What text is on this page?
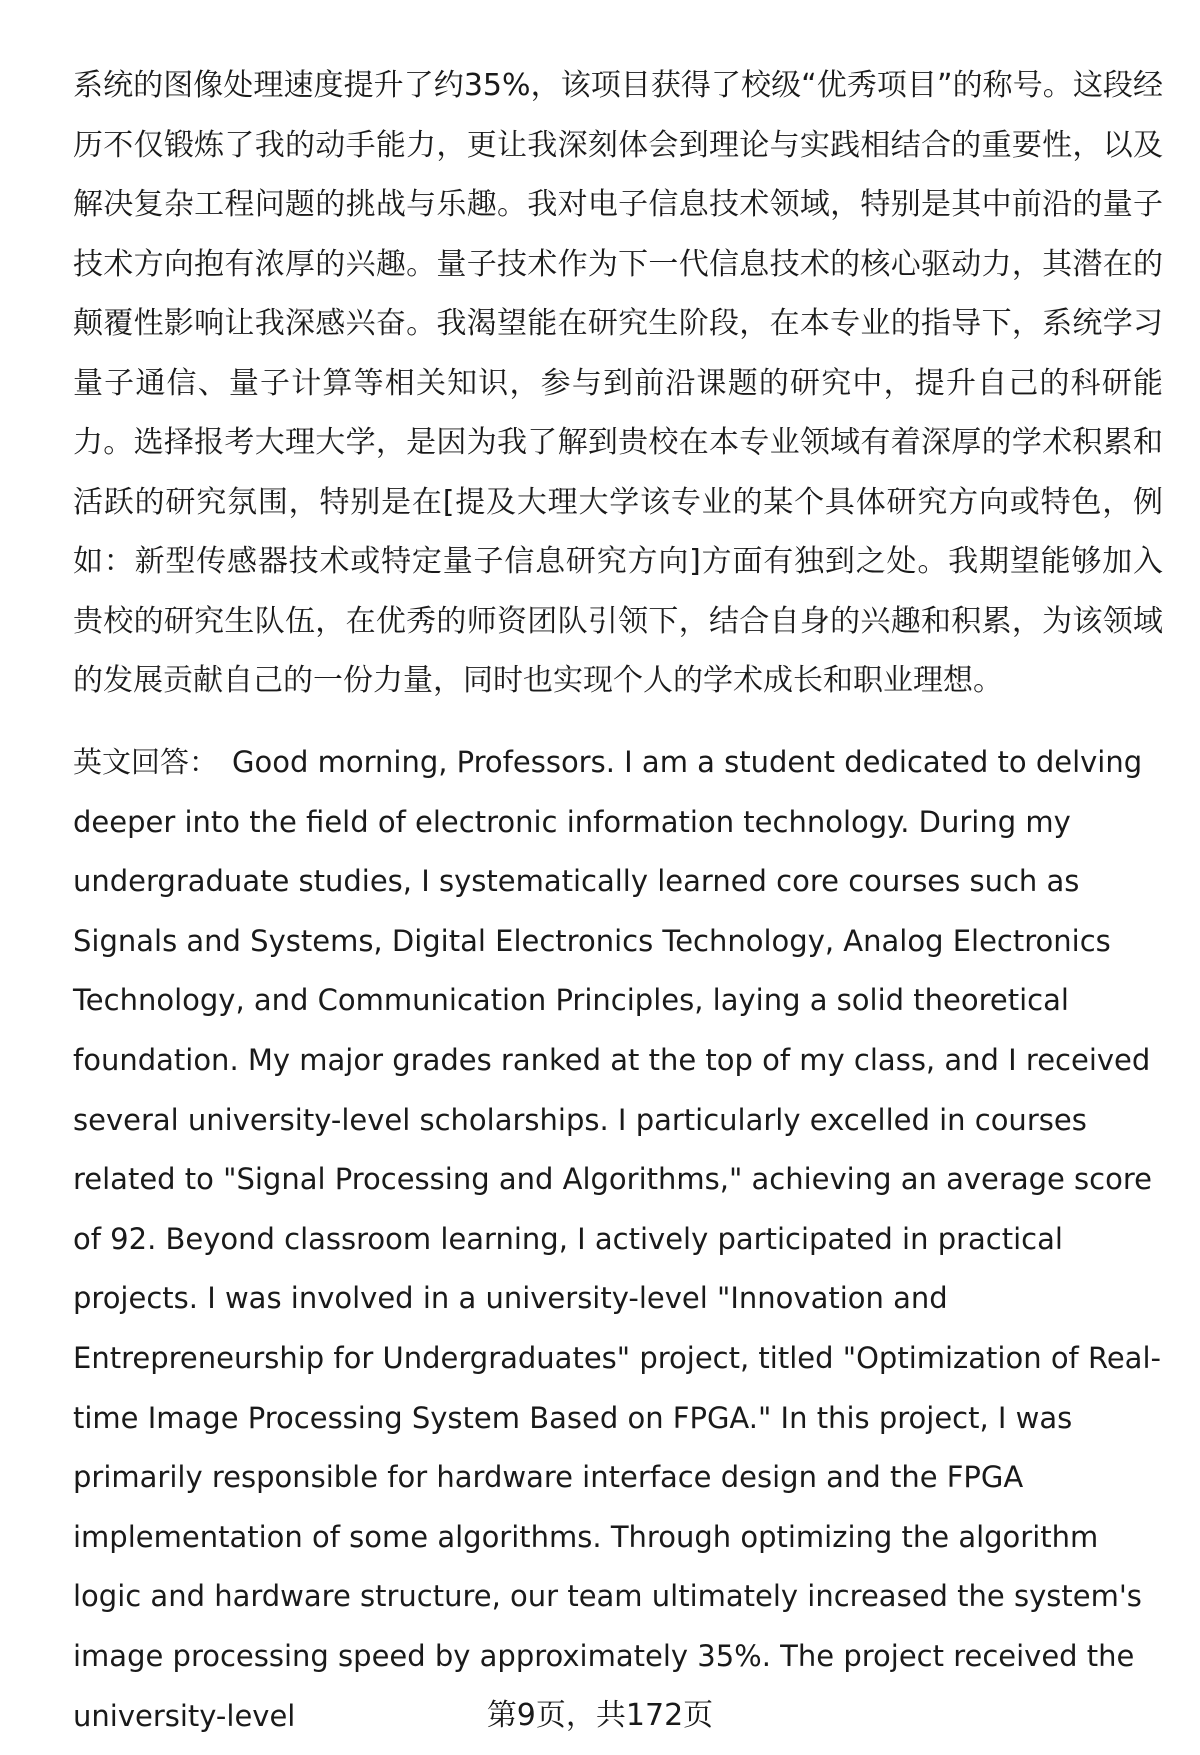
﻿

系统的图像处理速度提升了约35%，该项目获得了校级“优秀项目”的称号。这段经历不仅锻炼了我的动手能力，更让我深刻体会到理论与实践相结合的重要性，以及解决复杂工程问题的挑战与乐趣。我对电子信息技术领域，特别是其中前沿的量子技术方向抱有浓厚的兴趣。量子技术作为下一代信息技术的核心驱动力，其潜在的颠覆性影响让我深感兴奋。我渴望能在研究生阶段，在本专业的指导下，系统学习量子通信、量子计算等相关知识，参与到前沿课题的研究中，提升自己的科研能力。选择报考大理大学，是因为我了解到贵校在本专业领域有着深厚的学术积累和活跃的研究氛围，特别是在[提及大理大学该专业的某个具体研究方向或特色，例如：新型传感器技术或特定量子信息研究方向]方面有独到之处。我期望能够加入贵校的研究生队伍，在优秀的师资团队引领下，结合自身的兴趣和积累，为该领域的发展贡献自己的一份力量，同时也实现个人的学术成长和职业理想。

英文回答： Good morning, Professors. I am a student dedicated to delving deeper into the field of electronic information technology. During my undergraduate studies, I systematically learned core courses such as Signals and Systems, Digital Electronics Technology, Analog Electronics Technology, and Communication Principles, laying a solid theoretical foundation. My major grades ranked at the top of my class, and I received several university-level scholarships. I particularly excelled in courses related to "Signal Processing and Algorithms," achieving an average score of 92. Beyond classroom learning, I actively participated in practical projects. I was involved in a university-level "Innovation and Entrepreneurship for Undergraduates" project, titled "Optimization of Real-time Image Processing System Based on FPGA." In this project, I was primarily responsible for hardware interface design and the FPGA implementation of some algorithms. Through optimizing the algorithm logic and hardware structure, our team ultimately increased the system's image processing speed by approximately 35%. The project received the university-level	第9页，共172页
